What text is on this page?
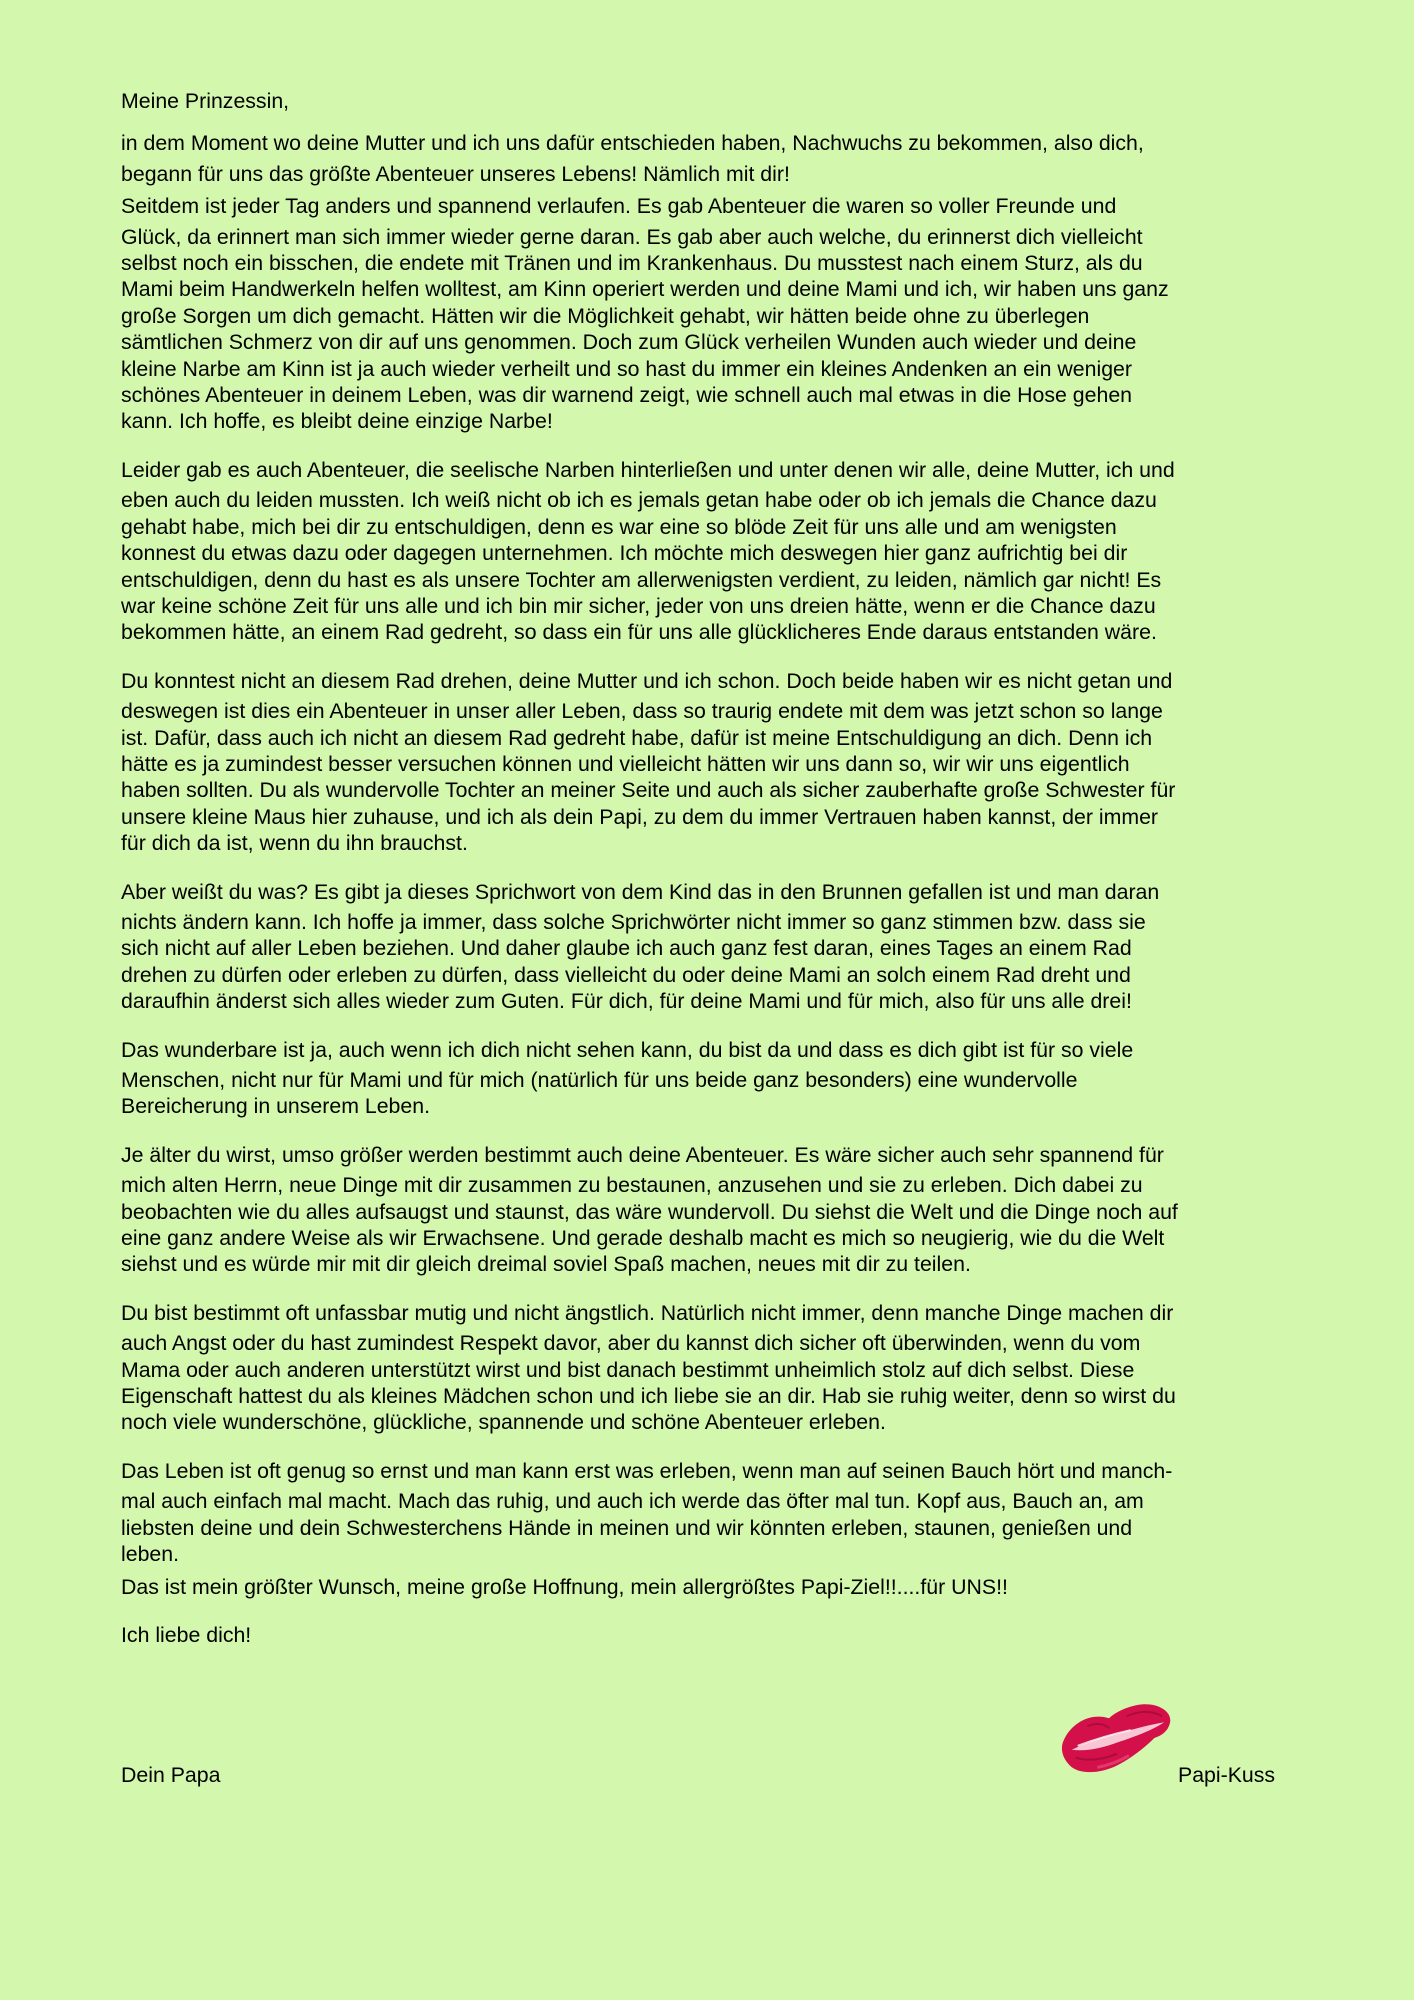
Meine Prinzessin,
in dem Moment wo deine Mutter und ich uns dafür entschieden haben, Nachwuchs zu bekommen, also dich,
begann für uns das größte Abenteuer unseres Lebens! Nämlich mit dir!
Seitdem ist jeder Tag anders und spannend verlaufen. Es gab Abenteuer die waren so voller Freunde und
Glück, da erinnert man sich immer wieder gerne daran. Es gab aber auch welche, du erinnerst dich vielleicht
selbst noch ein bisschen, die endete mit Tränen und im Krankenhaus. Du musstest nach einem Sturz, als du
Mami beim Handwerkeln helfen wolltest, am Kinn operiert werden und deine Mami und ich, wir haben uns ganz
große Sorgen um dich gemacht. Hätten wir die Möglichkeit gehabt, wir hätten beide ohne zu überlegen
sämtlichen Schmerz von dir auf uns genommen. Doch zum Glück verheilen Wunden auch wieder und deine
kleine Narbe am Kinn ist ja auch wieder verheilt und so hast du immer ein kleines Andenken an ein weniger
schönes Abenteuer in deinem Leben, was dir warnend zeigt, wie schnell auch mal etwas in die Hose gehen
kann. Ich hoffe, es bleibt deine einzige Narbe!
Leider gab es auch Abenteuer, die seelische Narben hinterließen und unter denen wir alle, deine Mutter, ich und
eben auch du leiden mussten. Ich weiß nicht ob ich es jemals getan habe oder ob ich jemals die Chance dazu
gehabt habe, mich bei dir zu entschuldigen, denn es war eine so blöde Zeit für uns alle und am wenigsten
konnest du etwas dazu oder dagegen unternehmen. Ich möchte mich deswegen hier ganz aufrichtig bei dir
entschuldigen, denn du hast es als unsere Tochter am allerwenigsten verdient, zu leiden, nämlich gar nicht! Es
war keine schöne Zeit für uns alle und ich bin mir sicher, jeder von uns dreien hätte, wenn er die Chance dazu
bekommen hätte, an einem Rad gedreht, so dass ein für uns alle glücklicheres Ende daraus entstanden wäre.
Du konntest nicht an diesem Rad drehen, deine Mutter und ich schon. Doch beide haben wir es nicht getan und
deswegen ist dies ein Abenteuer in unser aller Leben, dass so traurig endete mit dem was jetzt schon so lange
ist. Dafür, dass auch ich nicht an diesem Rad gedreht habe, dafür ist meine Entschuldigung an dich. Denn ich
hätte es ja zumindest besser versuchen können und vielleicht hätten wir uns dann so, wir wir uns eigentlich
haben sollten. Du als wundervolle Tochter an meiner Seite und auch als sicher zauberhafte große Schwester für
unsere kleine Maus hier zuhause, und ich als dein Papi, zu dem du immer Vertrauen haben kannst, der immer
für dich da ist, wenn du ihn brauchst.
Aber weißt du was? Es gibt ja dieses Sprichwort von dem Kind das in den Brunnen gefallen ist und man daran
nichts ändern kann. Ich hoffe ja immer, dass solche Sprichwörter nicht immer so ganz stimmen bzw. dass sie
sich nicht auf aller Leben beziehen. Und daher glaube ich auch ganz fest daran, eines Tages an einem Rad
drehen zu dürfen oder erleben zu dürfen, dass vielleicht du oder deine Mami an solch einem Rad dreht und
daraufhin änderst sich alles wieder zum Guten. Für dich, für deine Mami und für mich, also für uns alle drei!
Das wunderbare ist ja, auch wenn ich dich nicht sehen kann, du bist da und dass es dich gibt ist für so viele
Menschen, nicht nur für Mami und für mich (natürlich für uns beide ganz besonders) eine wundervolle
Bereicherung in unserem Leben.
Je älter du wirst, umso größer werden bestimmt auch deine Abenteuer. Es wäre sicher auch sehr spannend für
mich alten Herrn, neue Dinge mit dir zusammen zu bestaunen, anzusehen und sie zu erleben. Dich dabei zu
beobachten wie du alles aufsaugst und staunst, das wäre wundervoll. Du siehst die Welt und die Dinge noch auf
eine ganz andere Weise als wir Erwachsene. Und gerade deshalb macht es mich so neugierig, wie du die Welt
siehst und es würde mir mit dir gleich dreimal soviel Spaß machen, neues mit dir zu teilen.
Du bist bestimmt oft unfassbar mutig und nicht ängstlich. Natürlich nicht immer, denn manche Dinge machen dir
auch Angst oder du hast zumindest Respekt davor, aber du kannst dich sicher oft überwinden, wenn du vom
Mama oder auch anderen unterstützt wirst und bist danach bestimmt unheimlich stolz auf dich selbst. Diese
Eigenschaft hattest du als kleines Mädchen schon und ich liebe sie an dir. Hab sie ruhig weiter, denn so wirst du
noch viele wunderschöne, glückliche, spannende und schöne Abenteuer erleben.
Das Leben ist oft genug so ernst und man kann erst was erleben, wenn man auf seinen Bauch hört und manch-
mal auch einfach mal macht. Mach das ruhig, und auch ich werde das öfter mal tun. Kopf aus, Bauch an, am
liebsten deine und dein Schwesterchens Hände in meinen und wir könnten erleben, staunen, genießen und
leben.
Das ist mein größter Wunsch, meine große Hoffnung, mein allergrößtes Papi-Ziel!!....für UNS!!
Ich liebe dich!
Dein Papa	Papi-Kuss
